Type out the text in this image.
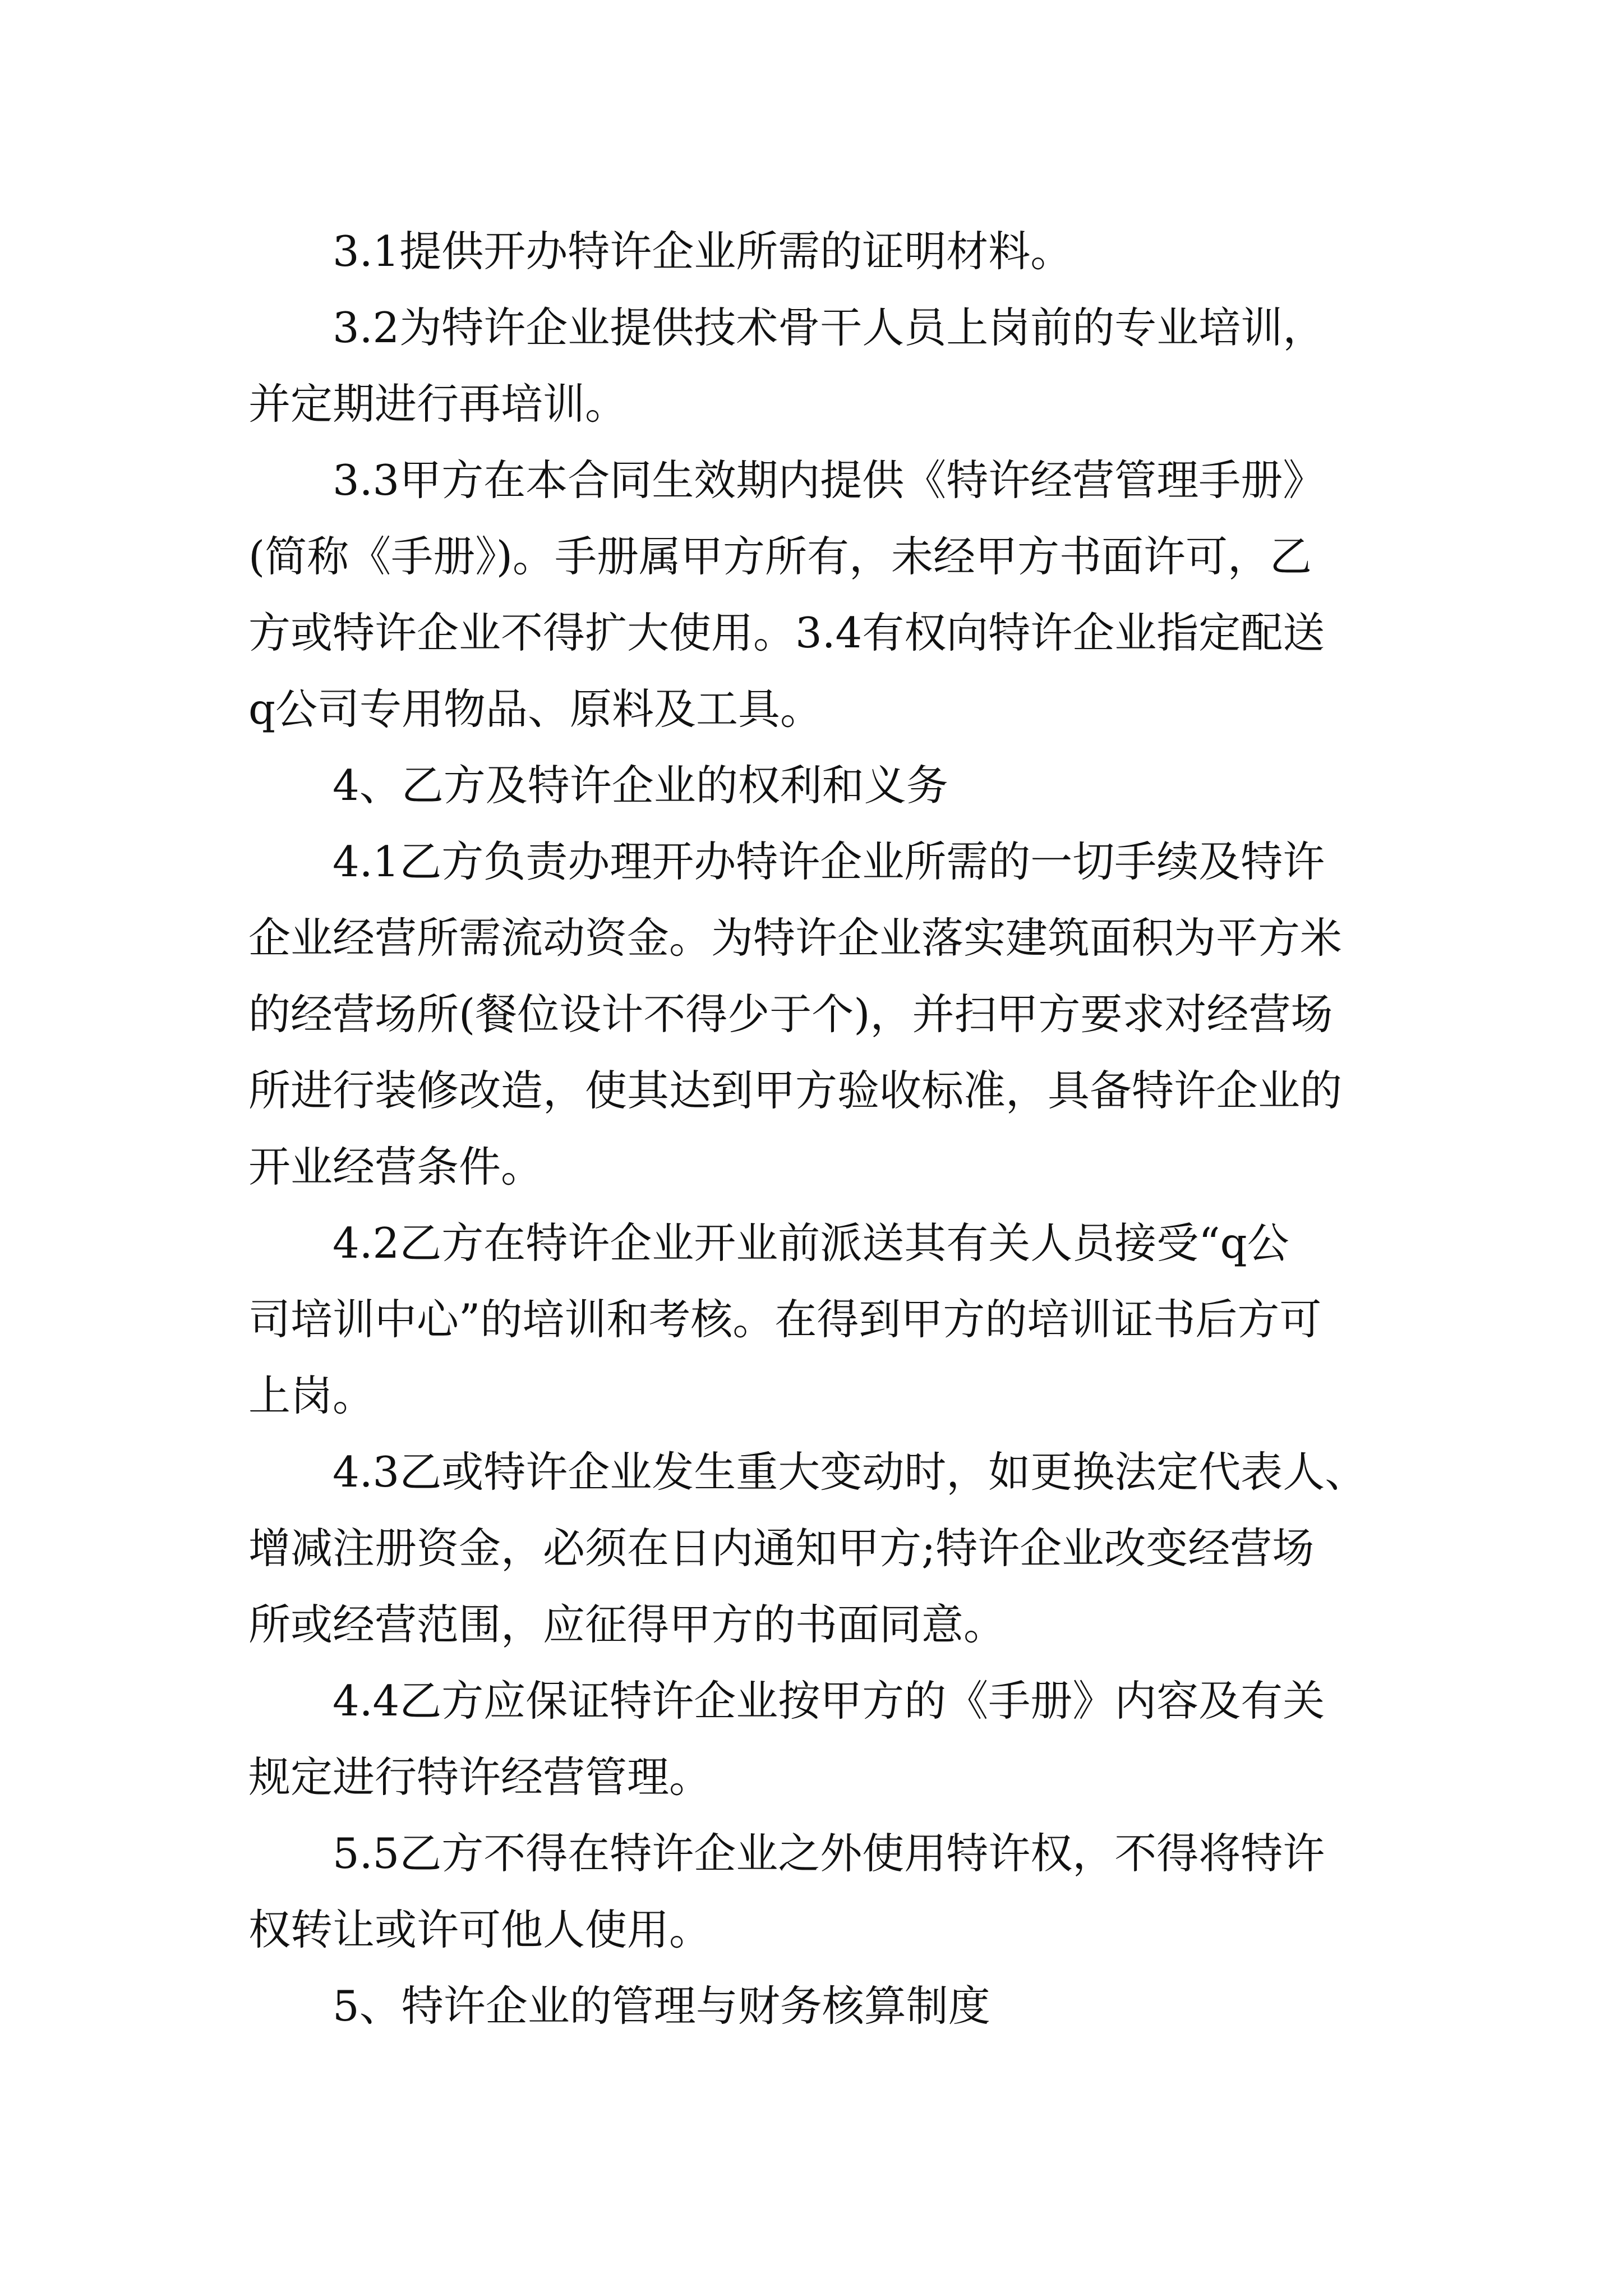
3.1提供开办特许企业所需的证明材料。
3.2为特许企业提供技术骨干人员上岗前的专业培训，
并定期进行再培训。
3.3甲方在本合同生效期内提供《特许经营管理手册》
(简称《手册》)。手册属甲方所有，未经甲方书面许可，乙
方或特许企业不得扩大使用。3.4有权向特许企业指定配送
q公司专用物品、原料及工具。
4、乙方及特许企业的权利和义务
4.1乙方负责办理开办特许企业所需的一切手续及特许
企业经营所需流动资金。为特许企业落实建筑面积为平方米
的经营场所(餐位设计不得少于个)，并扫甲方要求对经营场
所进行装修改造，使其达到甲方验收标准，具备特许企业的
开业经营条件。
4.2乙方在特许企业开业前派送其有关人员接受“q公
司培训中心”的培训和考核。在得到甲方的培训证书后方可
上岗。
4.3乙或特许企业发生重大变动时，如更换法定代表人、
增减注册资金，必须在日内通知甲方;特许企业改变经营场
所或经营范围，应征得甲方的书面同意。
4.4乙方应保证特许企业按甲方的《手册》内容及有关
规定进行特许经营管理。
5.5乙方不得在特许企业之外使用特许权，不得将特许
权转让或许可他人使用。
5、特许企业的管理与财务核算制度
